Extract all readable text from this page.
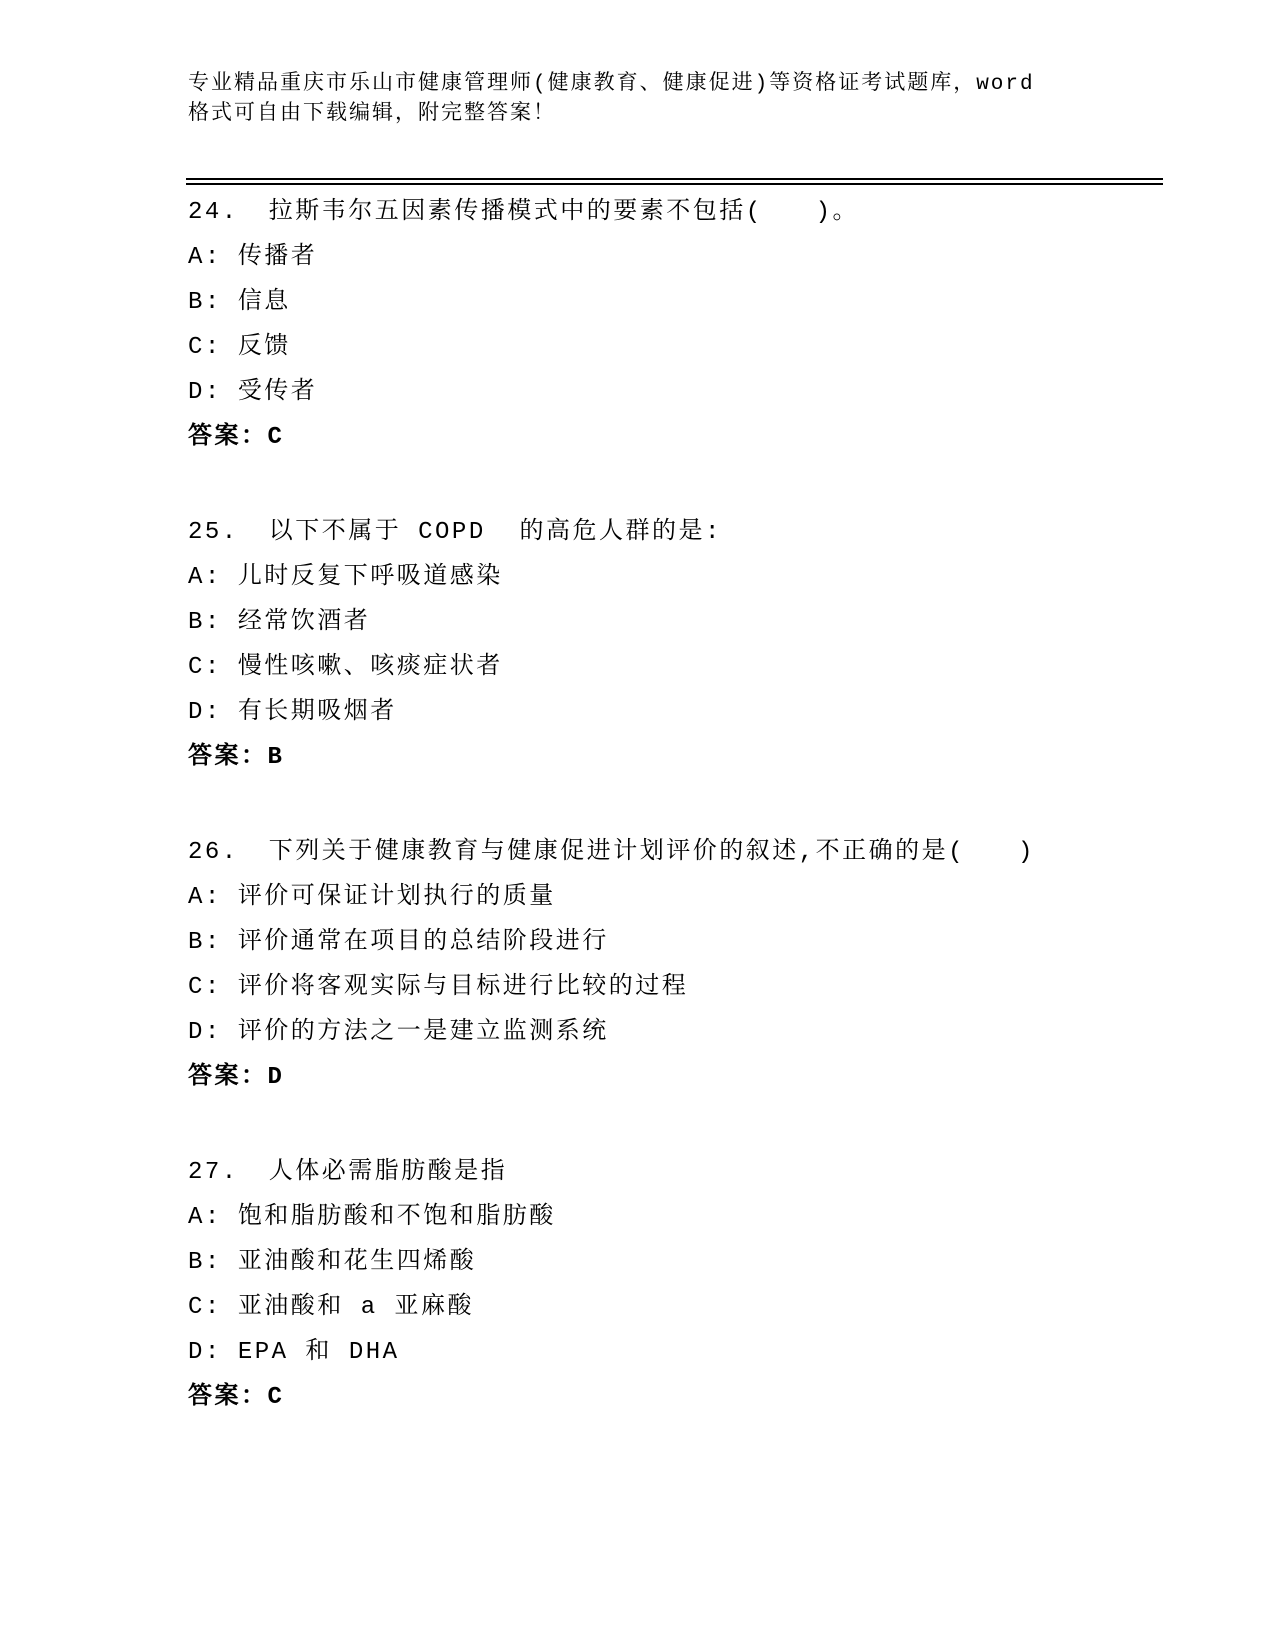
专业精品重庆市乐山市健康管理师(健康教育、健康促进)等资格证考试题库，word

格式可自由下载编辑，附完整答案！

24. 拉斯韦尔五因素传播模式中的要素不包括(　　)。

A: 传播者

B: 信息

C: 反馈

D: 受传者

答案：C

25. 以下不属于 COPD  的高危人群的是:

A: 儿时反复下呼吸道感染

B: 经常饮酒者

C: 慢性咳嗽、咳痰症状者

D: 有长期吸烟者

答案：B

26. 下列关于健康教育与健康促进计划评价的叙述,不正确的是(　　)

A: 评价可保证计划执行的质量

B: 评价通常在项目的总结阶段进行

C: 评价将客观实际与目标进行比较的过程

D: 评价的方法之一是建立监测系统

答案：D

27. 人体必需脂肪酸是指

A: 饱和脂肪酸和不饱和脂肪酸

B: 亚油酸和花生四烯酸

C: 亚油酸和 a 亚麻酸

D: EPA 和 DHA

答案：C
